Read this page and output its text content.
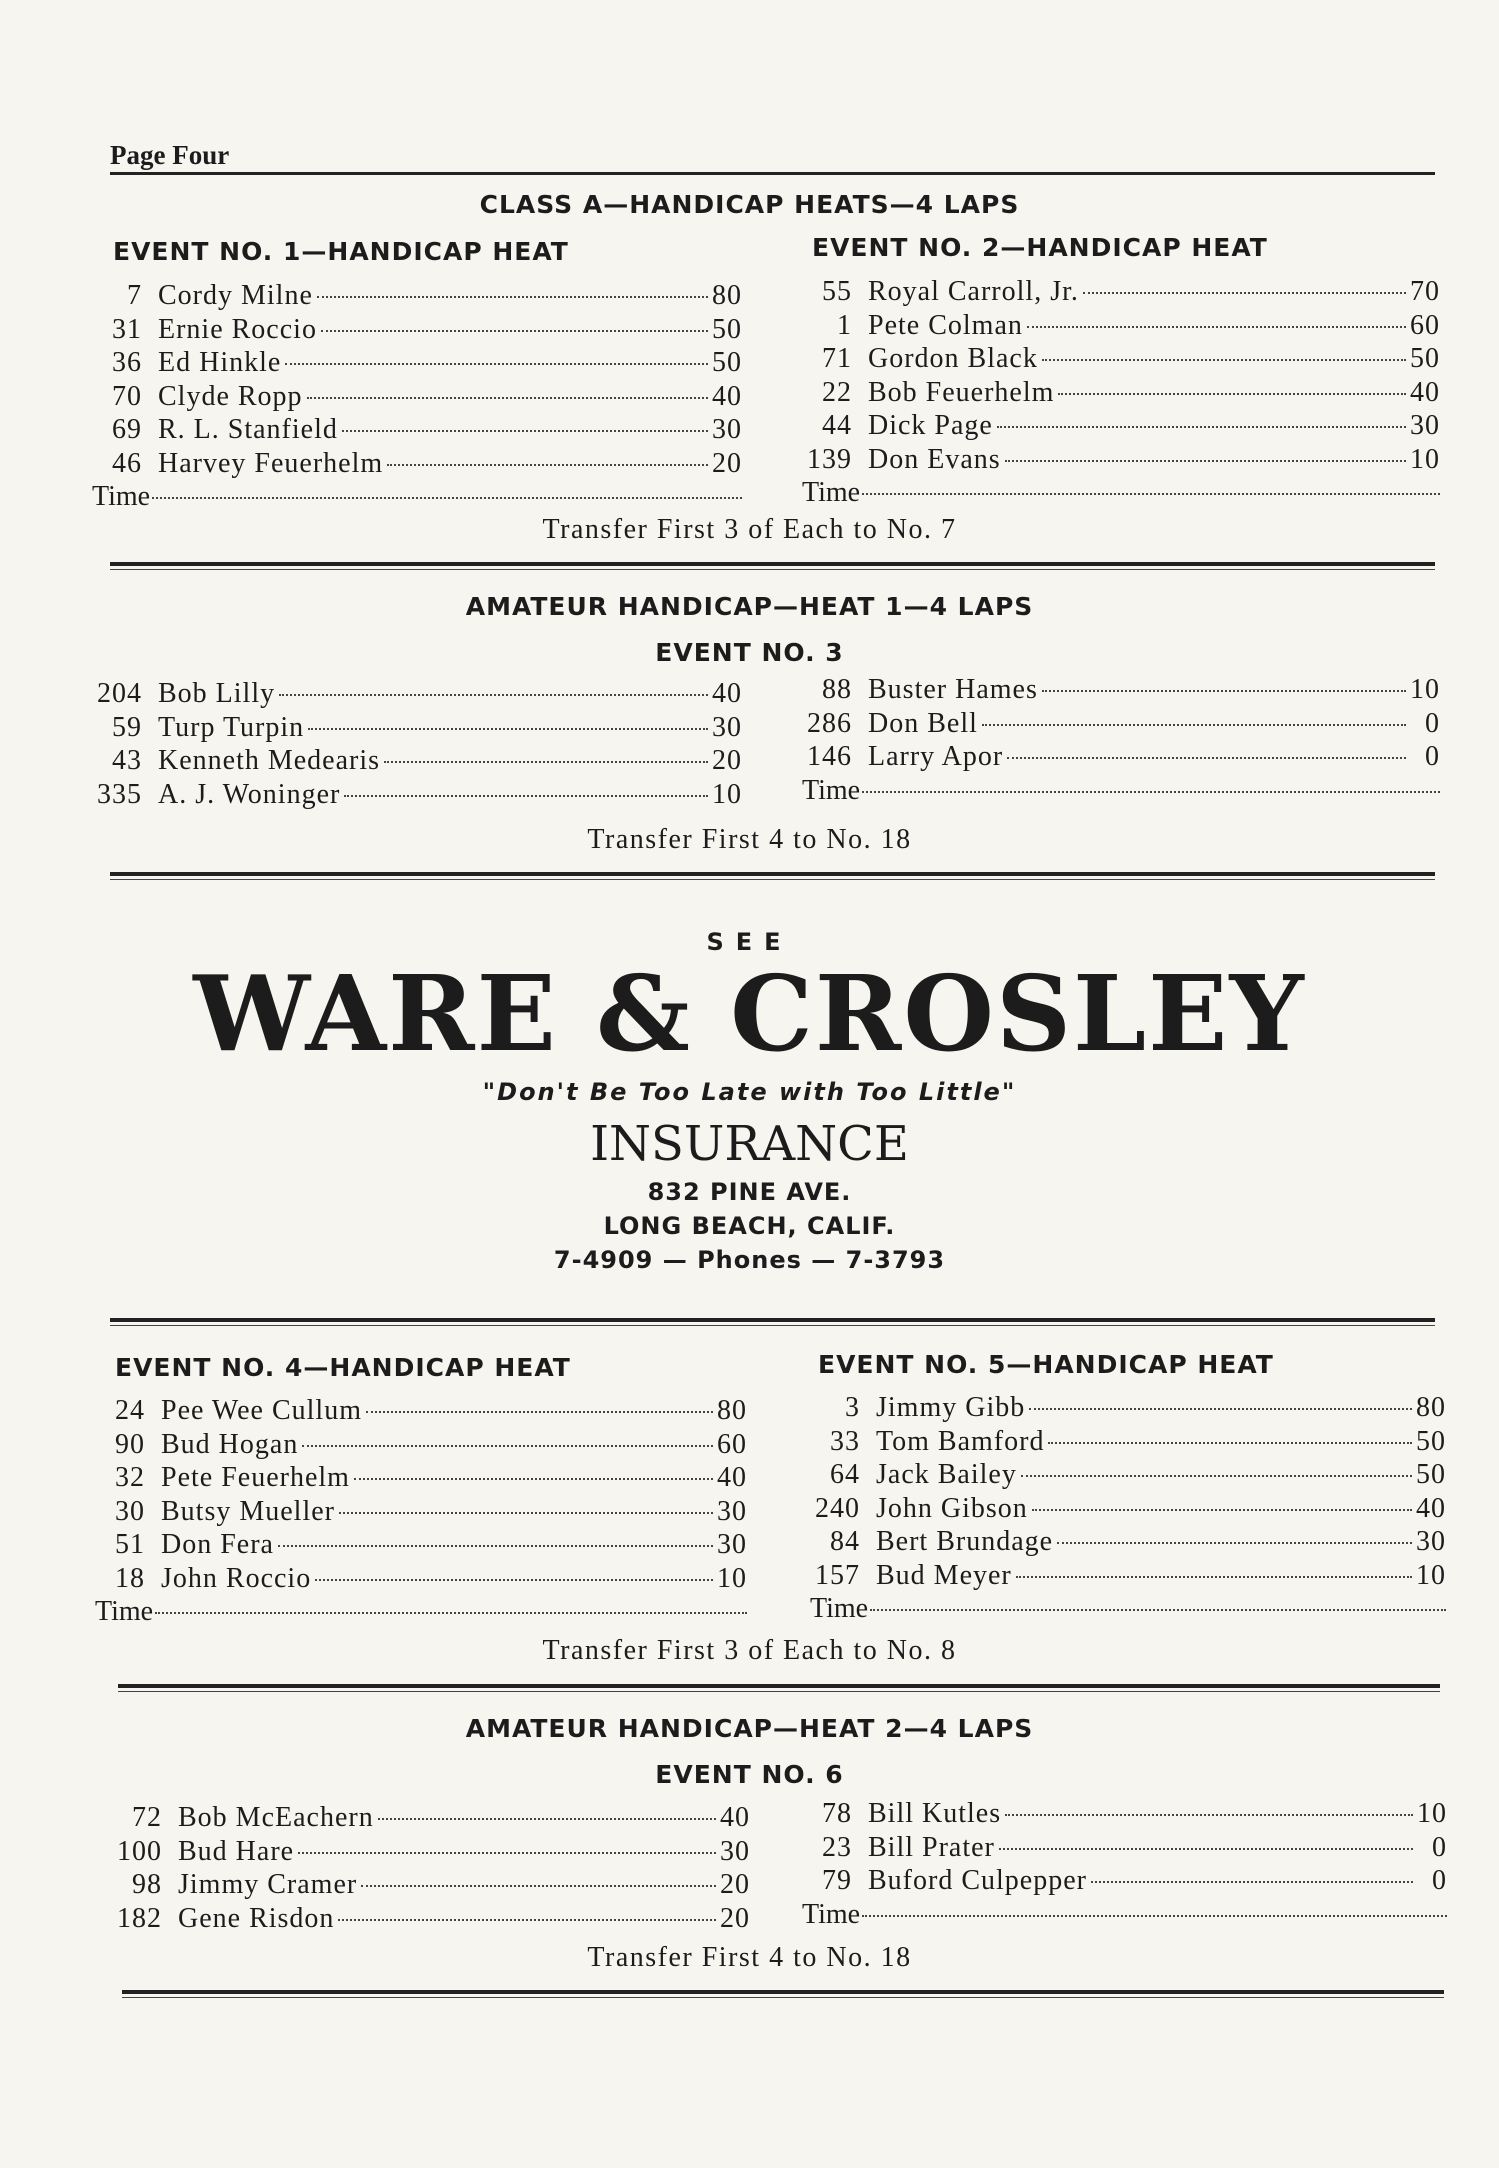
Page Four
CLASS A—HANDICAP HEATS—4 LAPS
EVENT NO. 1—HANDICAP HEAT	EVENT NO. 2—HANDICAP HEAT
7 Cordy Milne	80
31 Ernie Roccio	50
36 Ed Hinkle	50
70 Clyde Ropp	40
69 R. L. Stanfield	30
46 Harvey Feuerhelm	20
Time
55 Royal Carroll, Jr.	70
1 Pete Colman	60
71 Gordon Black	50
22 Bob Feuerhelm	40
44 Dick Page	30
139 Don Evans	10
Time
Transfer First 3 of Each to No. 7
AMATEUR HANDICAP—HEAT 1—4 LAPS
EVENT NO. 3
204 Bob Lilly	40
59 Turp Turpin	30
43 Kenneth Medearis	20
335 A. J. Woninger	10
88 Buster Hames	10
286 Don Bell	0
146 Larry Apor	0
Time
Transfer First 4 to No. 18
SEE
WARE & CROSLEY
"Don't Be Too Late with Too Little"
INSURANCE
832 PINE AVE.
LONG BEACH, CALIF.
7-4909 — Phones — 7-3793
EVENT NO. 4—HANDICAP HEAT	EVENT NO. 5—HANDICAP HEAT
24 Pee Wee Cullum	80
90 Bud Hogan	60
32 Pete Feuerhelm	40
30 Butsy Mueller	30
51 Don Fera	30
18 John Roccio	10
Time
3 Jimmy Gibb	80
33 Tom Bamford	50
64 Jack Bailey	50
240 John Gibson	40
84 Bert Brundage	30
157 Bud Meyer	10
Time
Transfer First 3 of Each to No. 8
AMATEUR HANDICAP—HEAT 2—4 LAPS
EVENT NO. 6
72 Bob McEachern	40
100 Bud Hare	30
98 Jimmy Cramer	20
182 Gene Risdon	20
78 Bill Kutles	10
23 Bill Prater	0
79 Buford Culpepper	0
Time
Transfer First 4 to No. 18
